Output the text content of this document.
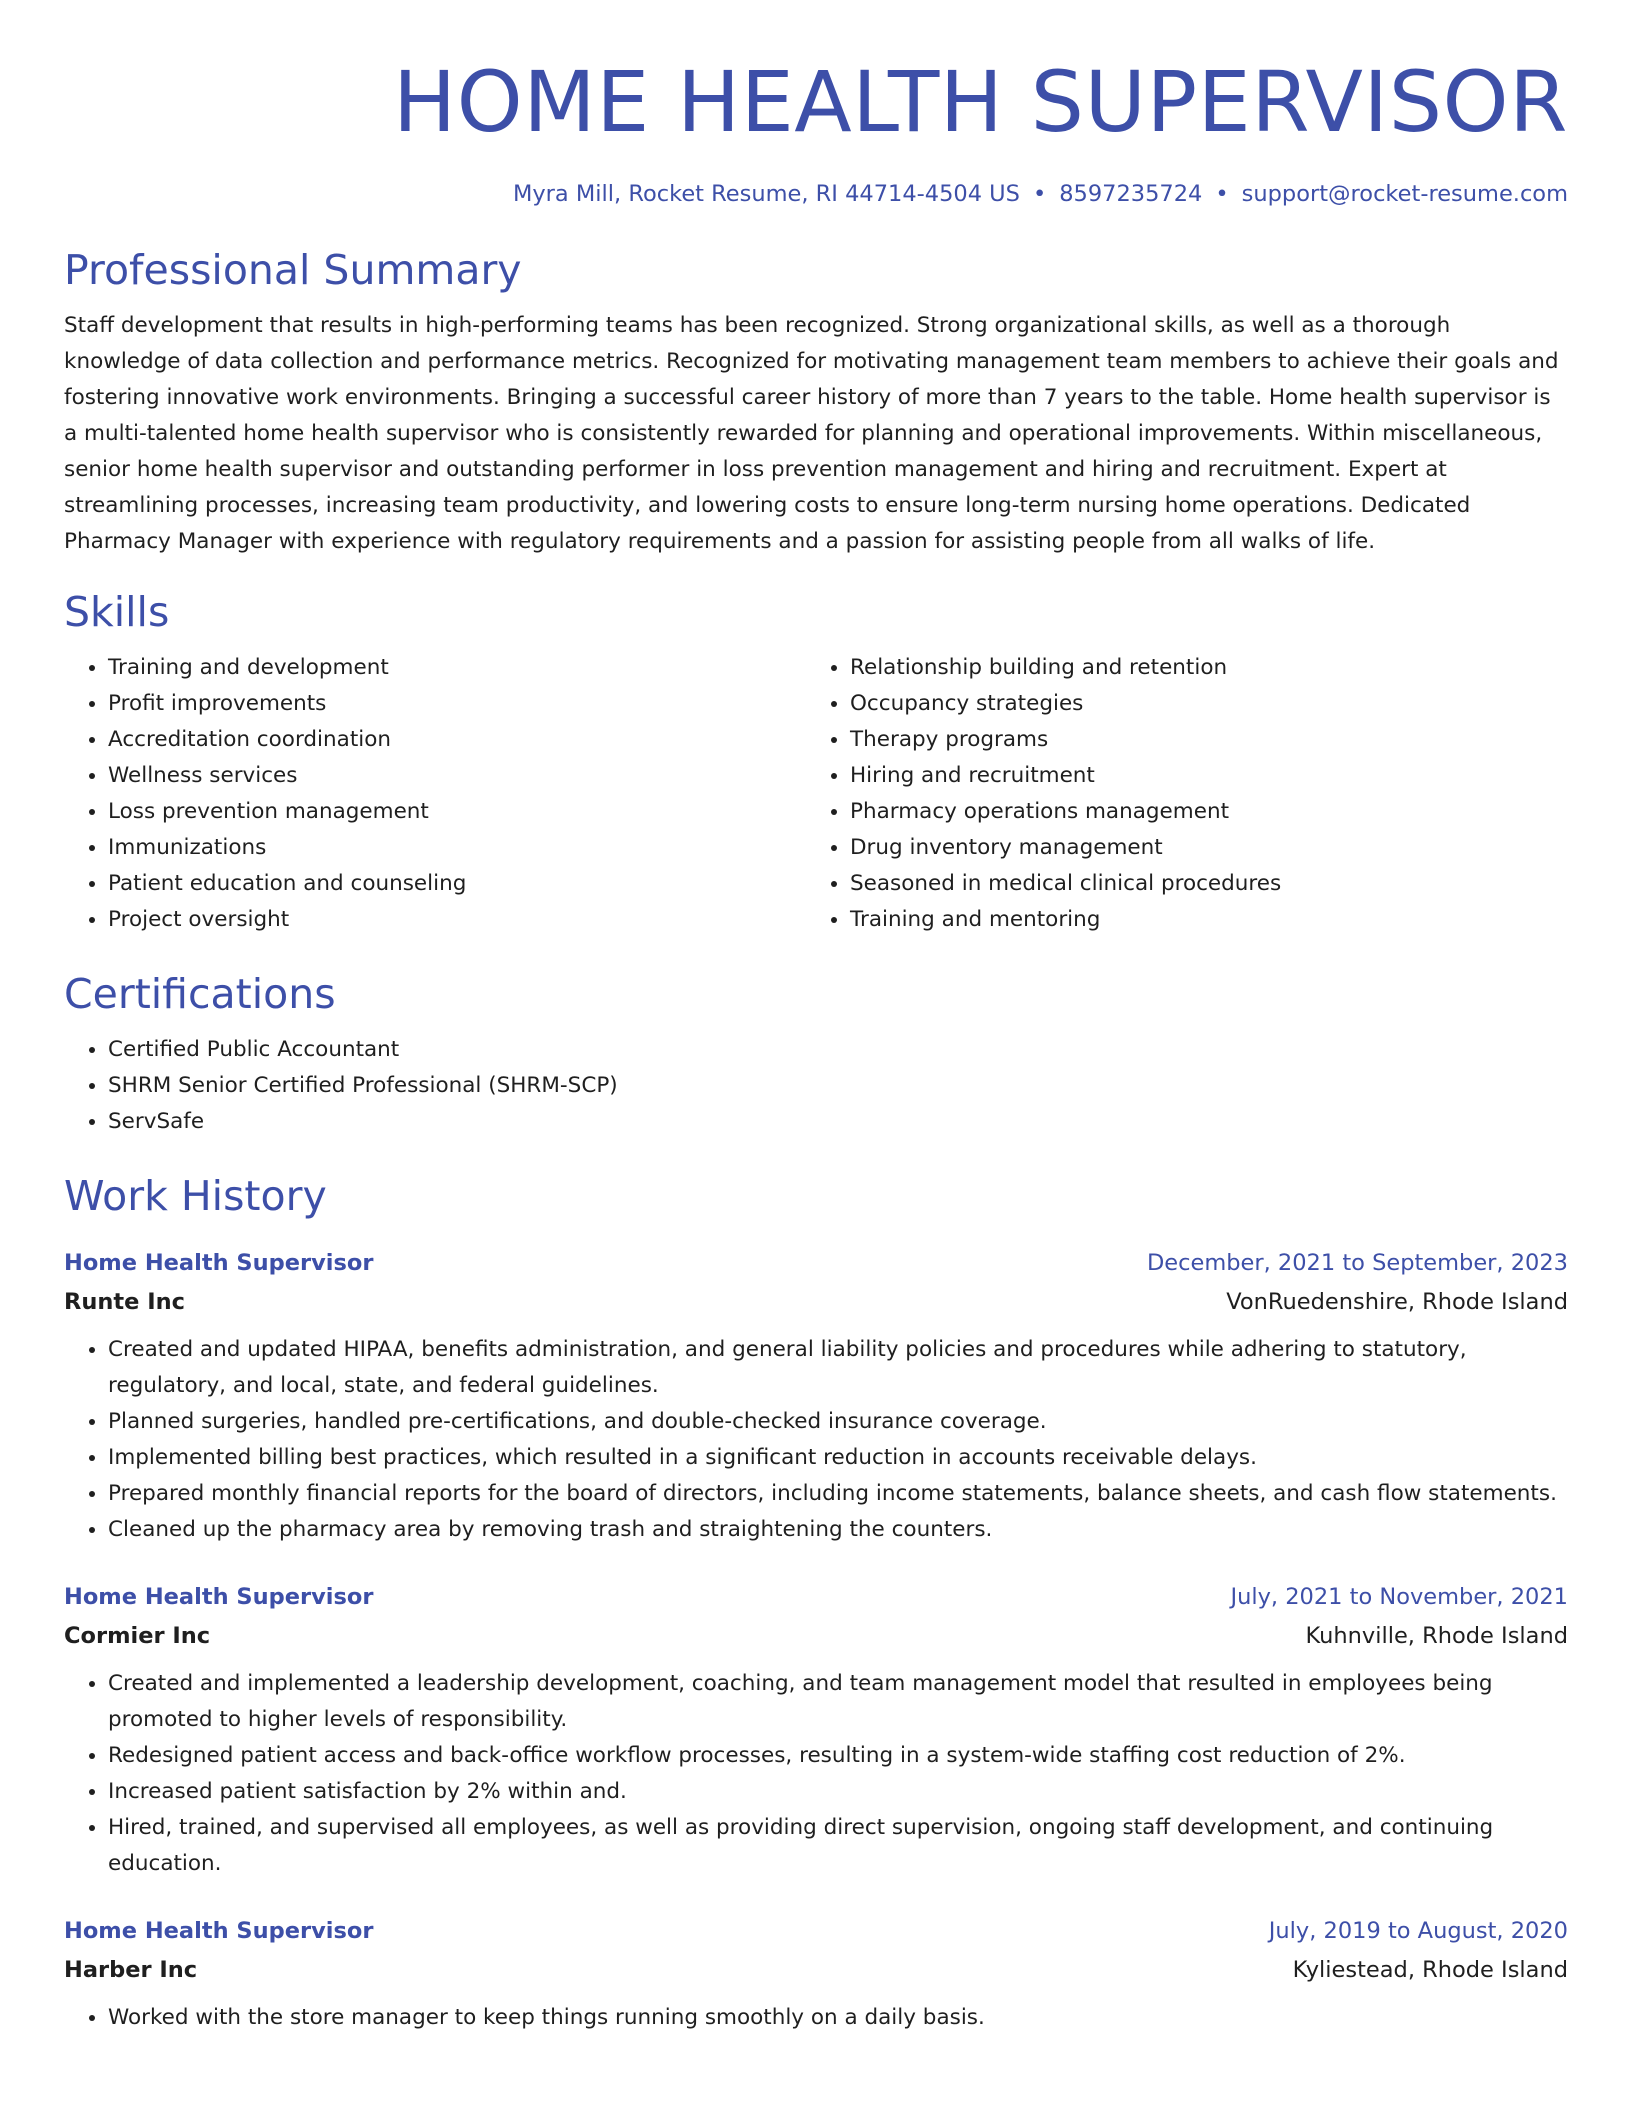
HOME HEALTH SUPERVISOR
Myra Mill, Rocket Resume, RI 44714-4504 US • 8597235724 • support@rocket-resume.com
Professional Summary

Staff development that results in high-performing teams has been recognized. Strong organizational skills, as well as a thorough knowledge of data collection and performance metrics. Recognized for motivating management team members to achieve their goals and fostering innovative work environments. Bringing a successful career history of more than 7 years to the table. Home health supervisor is a multi-talented home health supervisor who is consistently rewarded for planning and operational improvements. Within miscellaneous, senior home health supervisor and outstanding performer in loss prevention management and hiring and recruitment. Expert at streamlining processes, increasing team productivity, and lowering costs to ensure long-term nursing home operations. Dedicated Pharmacy Manager with experience with regulatory requirements and a passion for assisting people from all walks of life.

Skills
• Training and development
• Profit improvements
• Accreditation coordination
• Wellness services
• Loss prevention management
• Immunizations
• Patient education and counseling
• Project oversight
• Relationship building and retention
• Occupancy strategies
• Therapy programs
• Hiring and recruitment
• Pharmacy operations management
• Drug inventory management
• Seasoned in medical clinical procedures
• Training and mentoring
Certifications
• Certified Public Accountant
• SHRM Senior Certified Professional (SHRM-SCP)
• ServSafe
Work History
Home Health Supervisor	December, 2021 to September, 2023
Runte Inc	VonRuedenshire, Rhode Island
• Created and updated HIPAA, benefits administration, and general liability policies and procedures while adhering to statutory, regulatory, and local, state, and federal guidelines.
• Planned surgeries, handled pre-certifications, and double-checked insurance coverage.
• Implemented billing best practices, which resulted in a significant reduction in accounts receivable delays.
• Prepared monthly financial reports for the board of directors, including income statements, balance sheets, and cash flow statements.
• Cleaned up the pharmacy area by removing trash and straightening the counters.
Home Health Supervisor	July, 2021 to November, 2021
Cormier Inc	Kuhnville, Rhode Island
• Created and implemented a leadership development, coaching, and team management model that resulted in employees being promoted to higher levels of responsibility.
• Redesigned patient access and back-office workflow processes, resulting in a system-wide staffing cost reduction of 2%.
• Increased patient satisfaction by 2% within and.
• Hired, trained, and supervised all employees, as well as providing direct supervision, ongoing staff development, and continuing education.
Home Health Supervisor	July, 2019 to August, 2020
Harber Inc	Kyliestead, Rhode Island
• Worked with the store manager to keep things running smoothly on a daily basis.
